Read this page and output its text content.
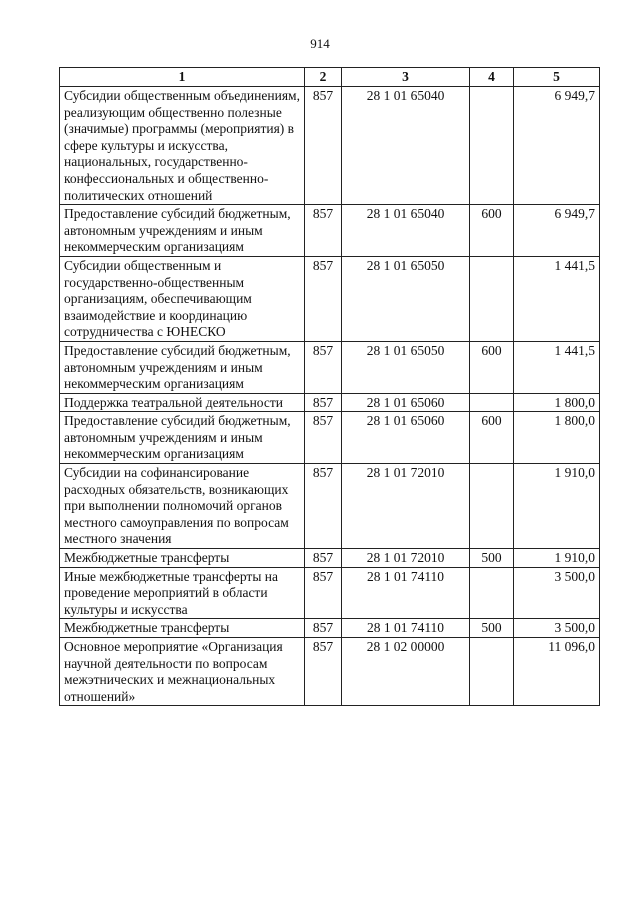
914
1	2	3	4	5
Субсидии общественным объединениям, реализующим общественно полезные (значимые) программы (мероприятия) в сфере культуры и искусства, национальных, государственно-конфессиональных и общественно-политических отношений	857	28 1 01 65040		6 949,7
Предоставление субсидий бюджетным, автономным учреждениям и иным некоммерческим организациям	857	28 1 01 65040	600	6 949,7
Субсидии общественным и государственно-общественным организациям, обеспечивающим взаимодействие и координацию сотрудничества с ЮНЕСКО	857	28 1 01 65050		1 441,5
Предоставление субсидий бюджетным, автономным учреждениям и иным некоммерческим организациям	857	28 1 01 65050	600	1 441,5
Поддержка театральной деятельности	857	28 1 01 65060		1 800,0
Предоставление субсидий бюджетным, автономным учреждениям и иным некоммерческим организациям	857	28 1 01 65060	600	1 800,0
Субсидии на софинансирование расходных обязательств, возникающих при выполнении полномочий органов местного самоуправления по вопросам местного значения	857	28 1 01 72010		1 910,0
Межбюджетные трансферты	857	28 1 01 72010	500	1 910,0
Иные межбюджетные трансферты на проведение мероприятий в области культуры и искусства	857	28 1 01 74110		3 500,0
Межбюджетные трансферты	857	28 1 01 74110	500	3 500,0
Основное мероприятие «Организация научной деятельности по вопросам межэтнических и межнациональных отношений»	857	28 1 02 00000		11 096,0
